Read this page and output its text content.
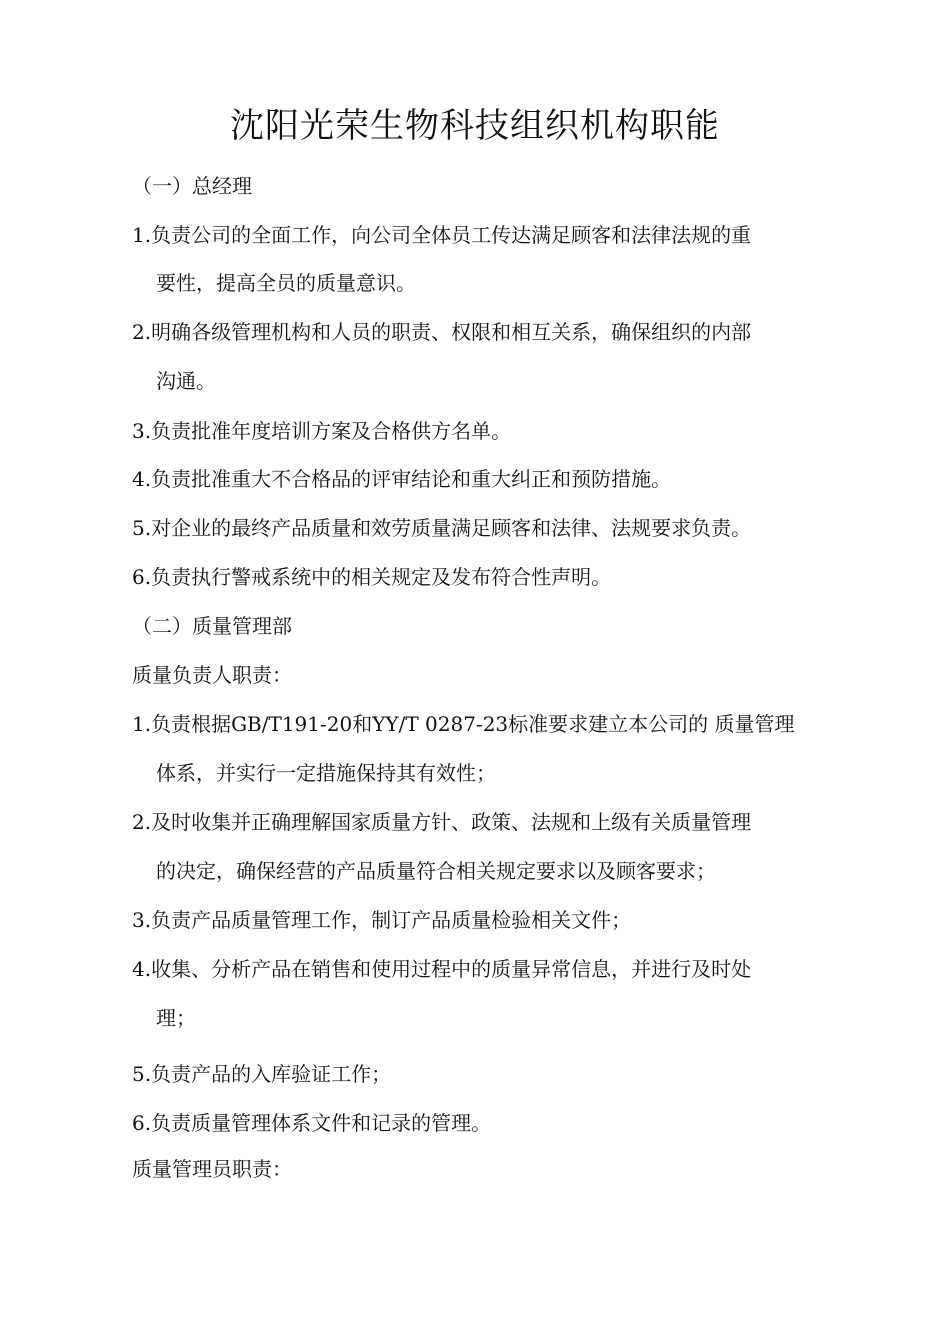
沈阳光荣生物科技组织机构职能
（一）总经理
1.负责公司的全面工作，向公司全体员工传达满足顾客和法律法规的重
要性，提高全员的质量意识。
2.明确各级管理机构和人员的职责、权限和相互关系，确保组织的内部
沟通。
3.负责批准年度培训方案及合格供方名单。
4.负责批准重大不合格品的评审结论和重大纠正和预防措施。
5.对企业的最终产品质量和效劳质量满足顾客和法律、法规要求负责。
6.负责执行警戒系统中的相关规定及发布符合性声明。
（二）质量管理部
质量负责人职责：
1.负责根据GB/T191-20和YY/T 0287-23标准要求建立本公司的 质量管理
体系，并实行一定措施保持其有效性；
2.及时收集并正确理解国家质量方针、政策、法规和上级有关质量管理
的决定，确保经营的产品质量符合相关规定要求以及顾客要求；
3.负责产品质量管理工作，制订产品质量检验相关文件；
4.收集、分析产品在销售和使用过程中的质量异常信息，并进行及时处
理；
5.负责产品的入库验证工作；
6.负责质量管理体系文件和记录的管理。
质量管理员职责：
